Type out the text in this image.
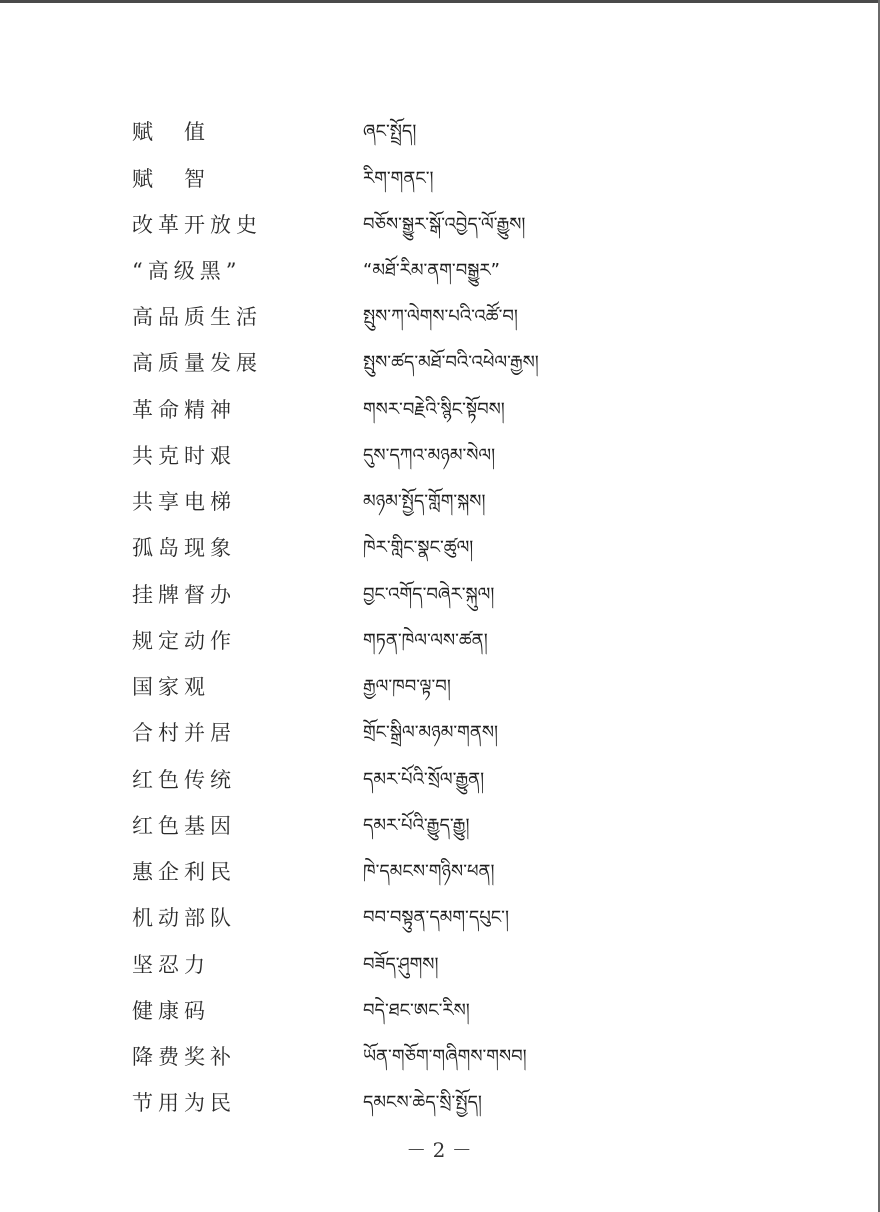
赋　值	ཞང་སྤྲོད།
赋　智	རིག་གནང་།
改革开放史	བཅོས་སྒྱུར་སྒོ་འབྱེད་ལོ་རྒྱུས།
“高级黑”	“མཐོ་རིམ་ནག་བསྒྱུར”
高品质生活	སྤུས་ཀ་ལེགས་པའི་འཚོ་བ།
高质量发展	སྤུས་ཚད་མཐོ་བའི་འཕེལ་རྒྱས།
革命精神	གསར་བརྗེའི་སྙིང་སྟོབས།
共克时艰	དུས་དཀའ་མཉམ་སེལ།
共享电梯	མཉམ་སྤྱོད་གློག་སྐས།
孤岛现象	ཁེར་གླིང་སྣང་ཚུལ།
挂牌督办	བྱང་འགོད་བཞེར་སྐུལ།
规定动作	གཏན་ཁེལ་ལས་ཚན།
国家观	རྒྱལ་ཁབ་ལྟ་བ།
合村并居	གྲོང་སྒྲིལ་མཉམ་གནས།
红色传统	དམར་པོའི་སྲོལ་རྒྱུན།
红色基因	དམར་པོའི་རྒྱུད་རྒྱུ།
惠企利民	ཁེ་དམངས་གཉིས་ཕན།
机动部队	བབ་བསྟུན་དམག་དཔུང་།
坚忍力	བཟོད་ཤུགས།
健康码	བདེ་ཐང་ཨང་རིས།
降费奖补	ཡོན་གཅོག་གཞིགས་གསབ།
节用为民	དམངས་ཆེད་སྲི་སྤྱོད།
－ 2 －
